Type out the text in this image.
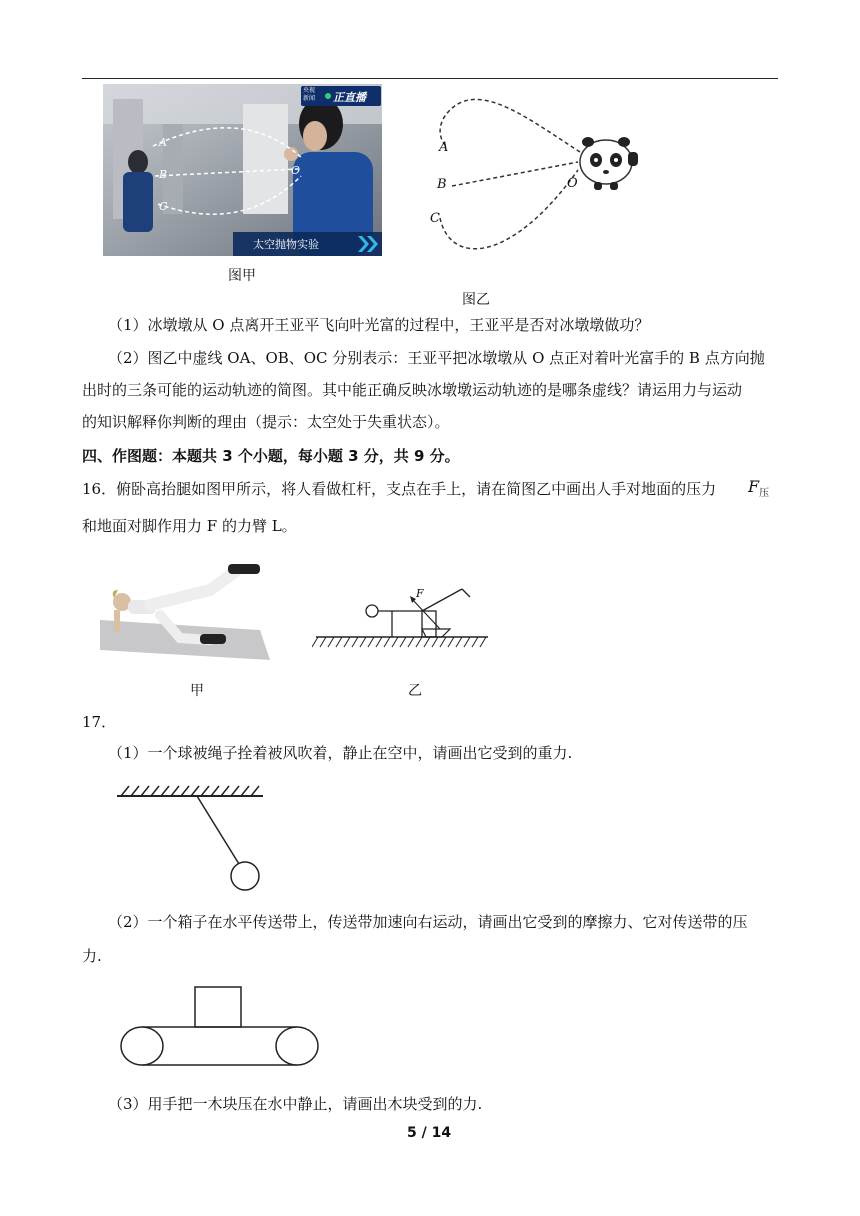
A
B
C
O
央视
新闻 正直播
太空抛物实验
图甲
A
B
C
O
图乙
（1）冰墩墩从 O 点离开王亚平飞向叶光富的过程中，王亚平是否对冰墩墩做功？
（2）图乙中虚线 OA、OB、OC 分别表示：王亚平把冰墩墩从 O 点正对着叶光富手的 B 点方向抛
出时的三条可能的运动轨迹的简图。其中能正确反映冰墩墩运动轨迹的是哪条虚线？请运用力与运动
的知识解释你判断的理由（提示：太空处于失重状态）。
四、作图题：本题共 3 个小题，每小题 3 分，共 9 分。
16．俯卧高抬腿如图甲所示，将人看做杠杆，支点在手上，请在简图乙中画出人手对地面的压力 $F_压$
和地面对脚作用力 F 的力臂 L。
甲
F
乙
17．
（1）一个球被绳子拴着被风吹着，静止在空中，请画出它受到的重力.
（2）一个箱子在水平传送带上，传送带加速向右运动，请画出它受到的摩擦力、它对传送带的压
力.
（3）用手把一木块压在水中静止，请画出木块受到的力.
5 / 14
